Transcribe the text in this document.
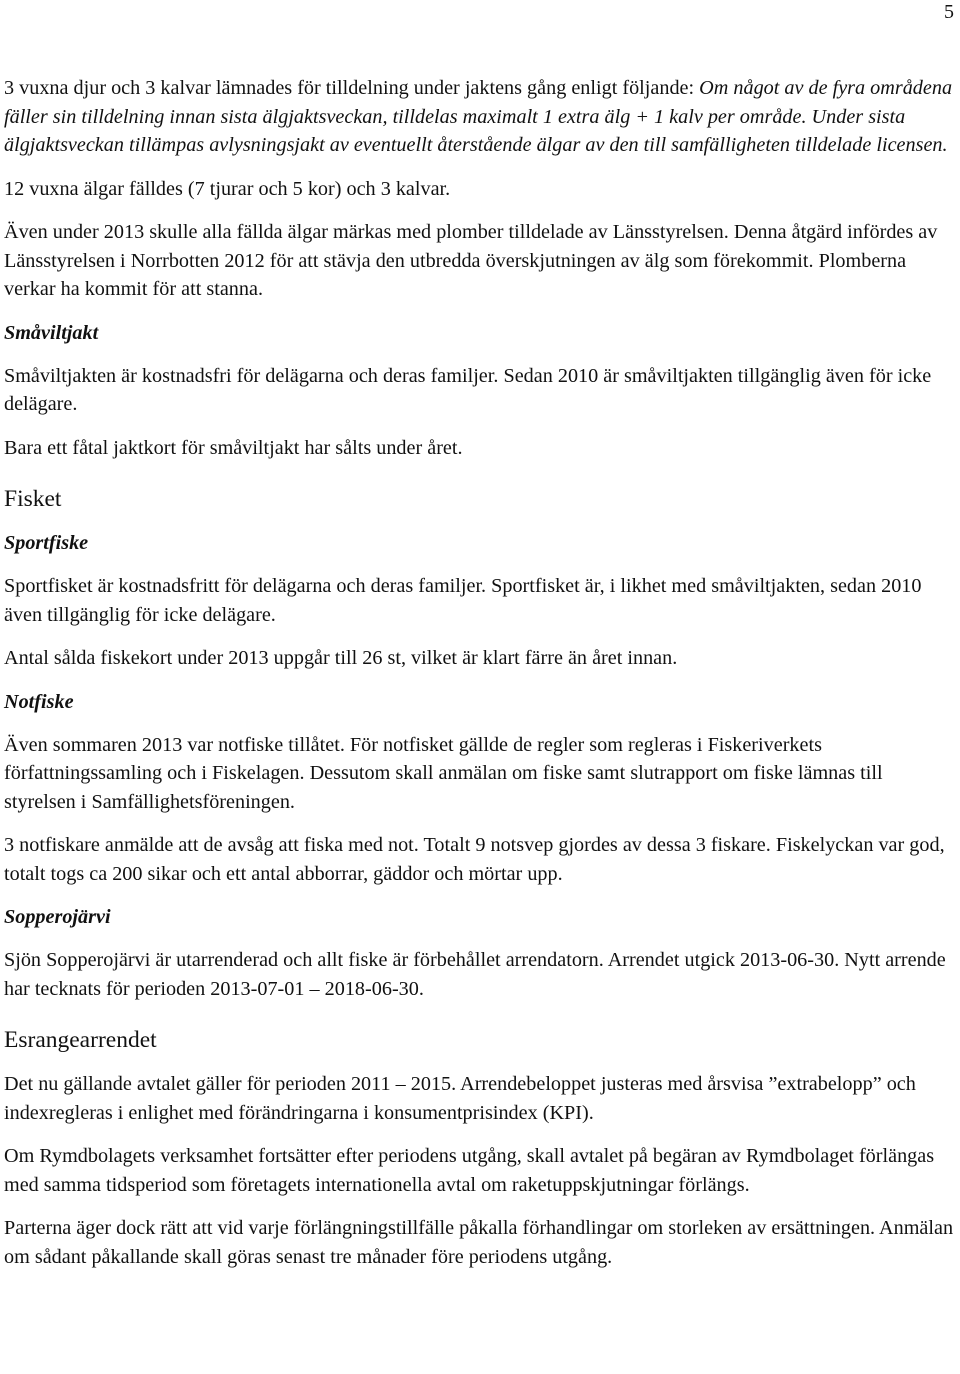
5

3 vuxna djur och 3 kalvar lämnades för tilldelning under jaktens gång enligt följande: Om något av de fyra områdena fäller sin tilldelning innan sista älgjaktsveckan, tilldelas maximalt 1 extra älg + 1 kalv per område. Under sista älgjaktsveckan tillämpas avlysningsjakt av eventuellt återstående älgar av den till samfälligheten tilldelade licensen.

12 vuxna älgar fälldes (7 tjurar och 5 kor) och 3 kalvar.

Även under 2013 skulle alla fällda älgar märkas med plomber tilldelade av Länsstyrelsen. Denna åtgärd infördes av Länsstyrelsen i Norrbotten 2012 för att stävja den utbredda överskjutningen av älg som förekommit. Plomberna verkar ha kommit för att stanna.

Småviltjakt

Småviltjakten är kostnadsfri för delägarna och deras familjer. Sedan 2010 är småviltjakten tillgänglig även för icke delägare.

Bara ett fåtal jaktkort för småviltjakt har sålts under året.

Fisket
Sportfiske

Sportfisket är kostnadsfritt för delägarna och deras familjer. Sportfisket är, i likhet med småviltjakten, sedan 2010 även tillgänglig för icke delägare.

Antal sålda fiskekort under 2013 uppgår till 26 st, vilket är klart färre än året innan.

Notfiske

Även sommaren 2013 var notfiske tillåtet. För notfisket gällde de regler som regleras i Fiskeriverkets författningssamling och i Fiskelagen. Dessutom skall anmälan om fiske samt slutrapport om fiske lämnas till styrelsen i Samfällighetsföreningen.

3 notfiskare anmälde att de avsåg att fiska med not. Totalt 9 notsvep gjordes av dessa 3 fiskare. Fiskelyckan var god, totalt togs ca 200 sikar och ett antal abborrar, gäddor och mörtar upp.

Sopperojärvi

Sjön Sopperojärvi är utarrenderad och allt fiske är förbehållet arrendatorn. Arrendet utgick 2013-06-30. Nytt arrende har tecknats för perioden 2013-07-01 – 2018-06-30.

Esrangearrendet

Det nu gällande avtalet gäller för perioden 2011 – 2015. Arrendebeloppet justeras med årsvisa ”extrabelopp” och indexregleras i enlighet med förändringarna i konsumentprisindex (KPI).

Om Rymdbolagets verksamhet fortsätter efter periodens utgång, skall avtalet på begäran av Rymdbolaget förlängas med samma tidsperiod som företagets internationella avtal om raketuppskjutningar förlängs.

Parterna äger dock rätt att vid varje förlängningstillfälle påkalla förhandlingar om storleken av ersättningen. Anmälan om sådant påkallande skall göras senast tre månader före periodens utgång.
